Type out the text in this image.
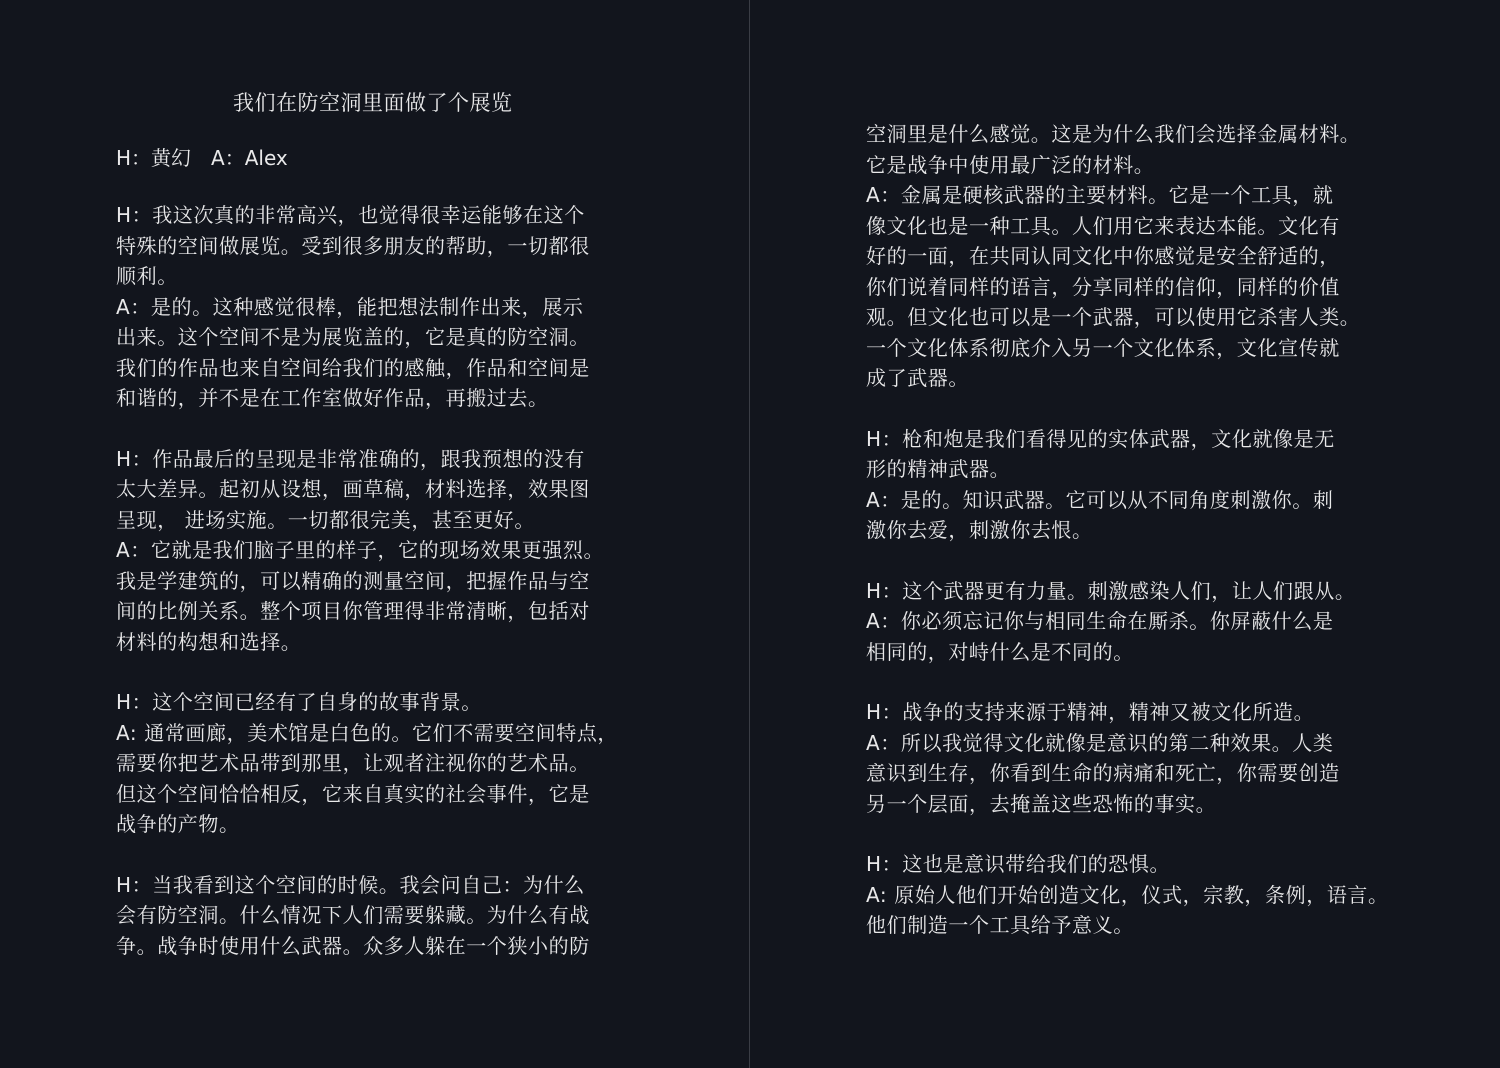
我们在防空洞里面做了个展览
H：黄幻 A：Alex
H：我这次真的非常高兴，也觉得很幸运能够在这个
特殊的空间做展览。受到很多朋友的帮助，一切都很
顺利。
A：是的。这种感觉很棒，能把想法制作出来，展示
出来。这个空间不是为展览盖的，它是真的防空洞。
我们的作品也来自空间给我们的感触，作品和空间是
和谐的，并不是在工作室做好作品，再搬过去。
H：作品最后的呈现是非常准确的，跟我预想的没有
太大差异。起初从设想，画草稿，材料选择，效果图
呈现， 进场实施。一切都很完美，甚至更好。
A：它就是我们脑子里的样子，它的现场效果更强烈。
我是学建筑的，可以精确的测量空间，把握作品与空
间的比例关系。整个项目你管理得非常清晰，包括对
材料的构想和选择。
H：这个空间已经有了自身的故事背景。
A: 通常画廊，美术馆是白色的。它们不需要空间特点，
需要你把艺术品带到那里，让观者注视你的艺术品。
但这个空间恰恰相反，它来自真实的社会事件，它是
战争的产物。
H：当我看到这个空间的时候。我会问自己：为什么
会有防空洞。什么情况下人们需要躲藏。为什么有战
争。战争时使用什么武器。众多人躲在一个狭小的防
空洞里是什么感觉。这是为什么我们会选择金属材料。
它是战争中使用最广泛的材料。
A：金属是硬核武器的主要材料。它是一个工具，就
像文化也是一种工具。人们用它来表达本能。文化有
好的一面，在共同认同文化中你感觉是安全舒适的，
你们说着同样的语言，分享同样的信仰，同样的价值
观。但文化也可以是一个武器，可以使用它杀害人类。
一个文化体系彻底介入另一个文化体系，文化宣传就
成了武器。
H：枪和炮是我们看得见的实体武器，文化就像是无
形的精神武器。
A：是的。知识武器。它可以从不同角度刺激你。刺
激你去爱，刺激你去恨。
H：这个武器更有力量。刺激感染人们，让人们跟从。
A：你必须忘记你与相同生命在厮杀。你屏蔽什么是
相同的，对峙什么是不同的。
H：战争的支持来源于精神，精神又被文化所造。
A：所以我觉得文化就像是意识的第二种效果。人类
意识到生存，你看到生命的病痛和死亡，你需要创造
另一个层面，去掩盖这些恐怖的事实。
H：这也是意识带给我们的恐惧。
A: 原始人他们开始创造文化，仪式，宗教，条例，语言。
他们制造一个工具给予意义。
